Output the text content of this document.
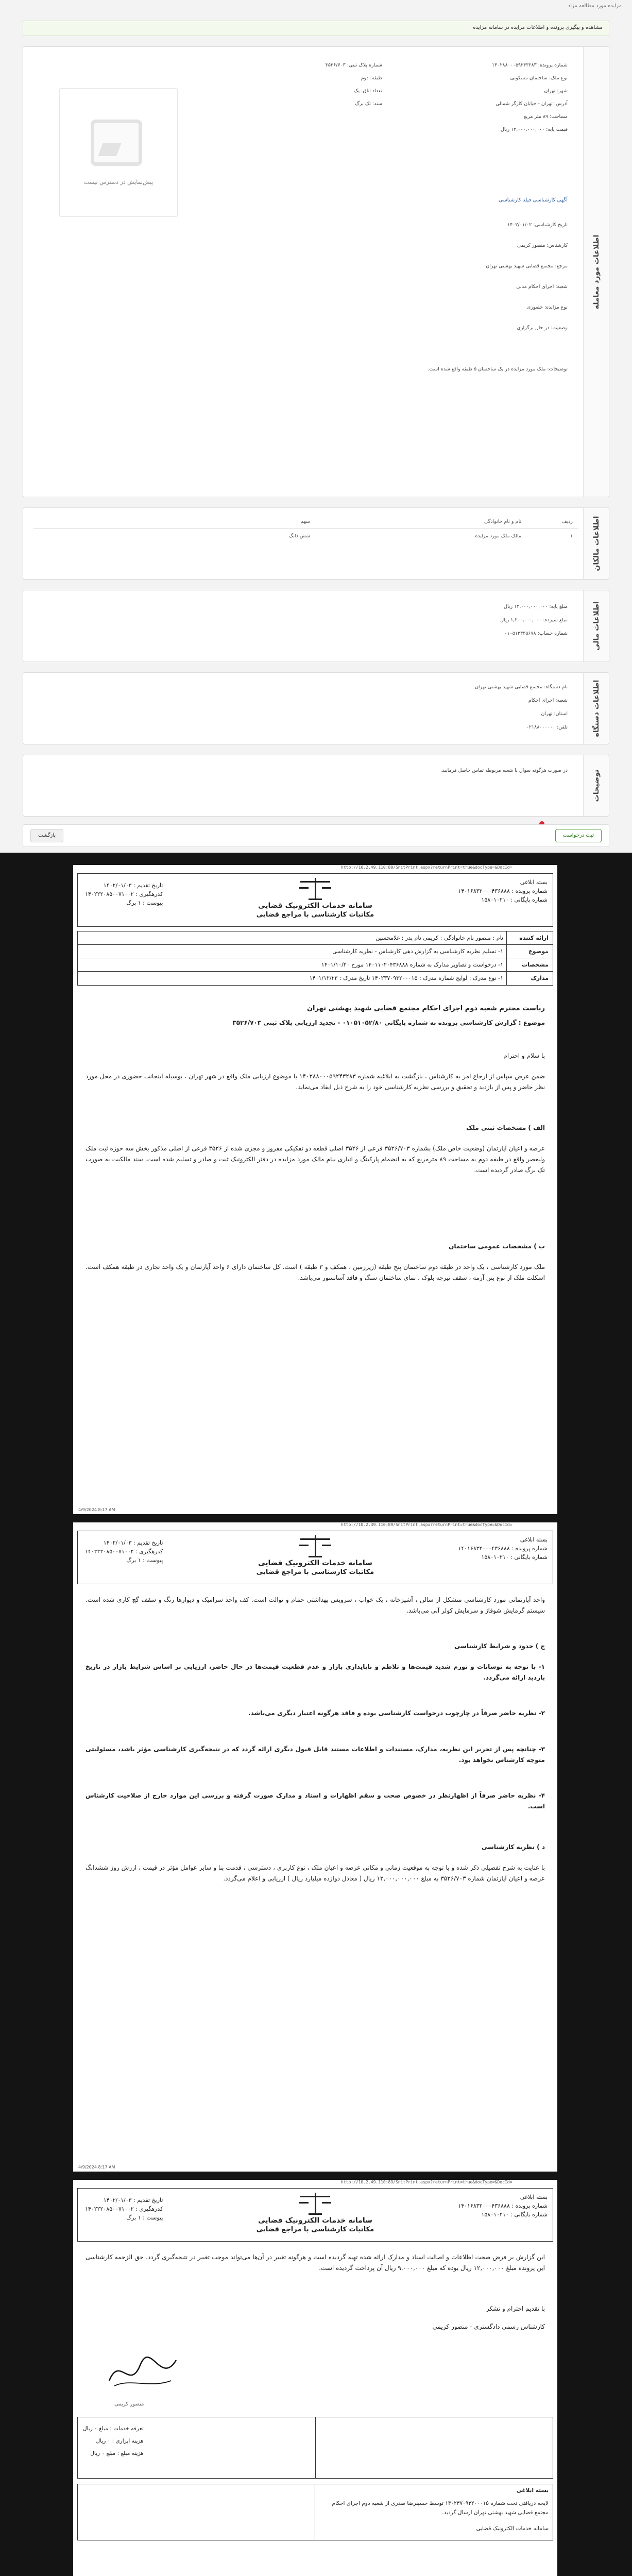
مزایده مورد مطالعه مزاد
مشاهده و پیگیری پرونده و اطلاعات مزایده در سامانه مزایده
اطلاعات مورد معامله
پیش‌نمایش در دسترس نیست
شماره پرونده: ۱۴۰۲۸۸۰۰۰۵۹۲۴۳۲۸۳
نوع ملک: ساختمان مسکونی
شهر: تهران
آدرس: تهران - خیابان کارگر شمالی
مساحت: ۸۹ متر مربع
قیمت پایه: ۱۲,۰۰۰,۰۰۰,۰۰۰ ریال
شماره پلاک ثبتی: ۳۵۲۶/۷۰۳
طبقه: دوم
تعداد اتاق: یک
سند: تک برگ
آگهی کارشناسی فیلد کارشناسی
تاریخ کارشناسی: ۱۴۰۲/۰۱/۰۲
کارشناس: منصور کریمی
مرجع: مجتمع قضایی شهید بهشتی تهران
شعبه: اجرای احکام مدنی
نوع مزایده: حضوری
وضعیت: در حال برگزاری
توضیحات: ملک مورد مزایده در یک ساختمان ۵ طبقه واقع شده است.
اطلاعات مالکان
ردیف
نام و نام خانوادگی
سهم
۱
مالک ملک مورد مزایده
شش دانگ
اطلاعات مالی
مبلغ پایه: ۱۲,۰۰۰,۰۰۰,۰۰۰ ریال
مبلغ سپرده: ۱,۲۰۰,۰۰۰,۰۰۰ ریال
شماره حساب: ۰۱۰۵۱۲۳۴۵۶۷۸
اطلاعات دستگاه
نام دستگاه: مجتمع قضایی شهید بهشتی تهران
شعبه: اجرای احکام
استان: تهران
تلفن: ۰۲۱۸۸۰۰۰۰۰۰
توضیحات
در صورت هرگونه سوال با شعبه مربوطه تماس حاصل فرمایید.
ثبت درخواست
بازگشت
http://10.2.49.110:89/SnitPrint.aspx?returnPrint=true&docType=&DocId=
بسته ابلاغی
شماره پرونده : ۱۴۰۱۶۸۳۲۰۰۰۴۳۶۸۸۸
شماره بایگانی : ۱۵۸۰۱۰۲۱۰
سامانه خدمات الکترونیک قضایی
مکاتبات کارشناسی با مراجع قضایی
تاریخ تقدیم : ۱۴۰۲/۰۱/۰۳
کدرهگیری : ۱۴۰۲۲۲۰۸۵۰۰۷۱۰۰۲
پیوست : ۱ برگ
ارائه کننده
نام : منصور نام خانوادگی : کریمی نام پدر : غلامحسین
موضوع
۱- تسلیم نظریه کارشناسی به گزارش دهی کارشناس - نظریه کارشناسی
مشخصات
۱- درخواست و تصاویر مدارک به شماره ۱۴۰۱۱۰۲۰۴۳۶۸۸۸ مورخ ۱۴۰۱/۱۰/۲۰
مدارک
۱- نوع مدرک : لوایح شماره مدرک : ۱۴۰۲۳۷۰۹۳۲۰۰۰۱۵ تاریخ مدرک : ۱۴۰۱/۱۲/۲۳
ریاست محترم شعبه دوم اجرای احکام مجتمع قضایی شهید بهشتی تهران
موضوع : گزارش کارشناسی پرونده به شماره بایگانی ۰۱۰۵۱۰۵۲/۸۰ - تجدید ارزیابی پلاک ثبتی ۳۵۲۶/۷۰۳
با سلام و احترام
ضمن عرض سپاس از ارجاع امر به کارشناس ، بازگشت به ابلاغیه شماره ۱۴۰۲۸۸۰۰۰۵۹۲۴۳۲۸۳ با موضوع ارزیابی ملک واقع در شهر تهران ، بوسیله اینجانب حضوری در محل مورد نظر حاضر و پس از بازدید و تحقیق و بررسی نظریه کارشناسی خود را به شرح ذیل ایفاد می‌نماید.
الف ) مشخصات ثبتی ملک
عرصه و اعیان آپارتمان (وضعیت خاص ملک) بشماره ۳۵۲۶/۷۰۳ فرعی از ۳۵۲۶ اصلی قطعه دو تفکیکی مفروز و مجزی شده از ۳۵۲۶ فرعی از اصلی مذکور بخش سه حوزه ثبت ملک ولیعصر واقع در طبقه دوم به مساحت ۸۹ مترمربع که به انضمام پارکینگ و انباری بنام مالک مورد مزایده در دفتر الکترونیک ثبت و صادر و تسلیم شده است. سند مالکیت به صورت تک برگ صادر گردیده است.
ب ) مشخصات عمومی ساختمان
ملک مورد کارشناسی ، یک واحد در طبقه دوم ساختمان پنج طبقه (زیرزمین ، همکف و ۳ طبقه ) است. کل ساختمان دارای ۶ واحد آپارتمان و یک واحد تجاری در طبقه همکف است. اسکلت ملک از نوع بتن آرمه ، سقف تیرچه بلوک ، نمای ساختمان سنگ و فاقد آسانسور می‌باشد.
4/9/2024 8:17 AM
http://10.2.49.110:89/SnitPrint.aspx?returnPrint=true&docType=&DocId=
بسته ابلاغی
شماره پرونده : ۱۴۰۱۶۸۳۲۰۰۰۴۳۶۸۸۸
شماره بایگانی : ۱۵۸۰۱۰۲۱۰
سامانه خدمات الکترونیک قضایی
مکاتبات کارشناسی با مراجع قضایی
تاریخ تقدیم : ۱۴۰۲/۰۱/۰۳
کدرهگیری : ۱۴۰۲۲۲۰۸۵۰۰۷۱۰۰۲
پیوست : ۱ برگ
واحد آپارتمانی مورد کارشناسی متشکل از سالن ، آشپزخانه ، یک خواب ، سرویس بهداشتی حمام و توالت است. کف واحد سرامیک و دیوارها رنگ و سقف گچ کاری شده است. سیستم گرمایش شوفاژ و سرمایش کولر آبی می‌باشد.
ج ) حدود و شرایط کارشناسی
۱- با توجه به نوسانات و تورم شدید قیمت‌ها و تلاطم و ناپایداری بازار و عدم قطعیت قیمت‌ها در حال حاضر، ارزیابی بر اساس شرایط بازار در تاریخ بازدید ارائه می‌گردد.
۲- نظریه حاضر صرفاً در چارچوب درخواست کارشناسی بوده و فاقد هرگونه اعتبار دیگری می‌باشد.
۳- چنانچه پس از تحریر این نظریه، مدارک، مستندات و اطلاعات مستند قابل قبول دیگری ارائه گردد که در نتیجه‌گیری کارشناسی مؤثر باشد، مسئولیتی متوجه کارشناس نخواهد بود.
۴- نظریه حاضر صرفاً از اظهارنظر در خصوص صحت و سقم اظهارات و اسناد و مدارک صورت گرفته و بررسی این موارد خارج از صلاحیت کارشناس است.
د ) نظریه کارشناسی
با عنایت به شرح تفصیلی ذکر شده و با توجه به موقعیت زمانی و مکانی عرصه و اعیان ملک ، نوع کاربری ، دسترسی ، قدمت بنا و سایر عوامل مؤثر در قیمت ، ارزش روز ششدانگ عرصه و اعیان آپارتمان شماره ۳۵۲۶/۷۰۳ به مبلغ ۱۲,۰۰۰,۰۰۰,۰۰۰ ریال ( معادل دوازده میلیارد ریال ) ارزیابی و اعلام می‌گردد.
4/9/2024 8:17 AM
http://10.2.49.110:89/SnitPrint.aspx?returnPrint=true&docType=&DocId=
بسته ابلاغی
شماره پرونده : ۱۴۰۱۶۸۳۲۰۰۰۴۳۶۸۸۸
شماره بایگانی : ۱۵۸۰۱۰۲۱۰
سامانه خدمات الکترونیک قضایی
مکاتبات کارشناسی با مراجع قضایی
تاریخ تقدیم : ۱۴۰۲/۰۱/۰۳
کدرهگیری : ۱۴۰۲۲۲۰۸۵۰۰۷۱۰۰۲
پیوست : ۱ برگ
این گزارش بر فرض صحت اطلاعات و اصالت اسناد و مدارک ارائه شده تهیه گردیده است و هرگونه تغییر در آن‌ها می‌تواند موجب تغییر در نتیجه‌گیری گردد. حق الزحمه کارشناسی این پرونده مبلغ ۱۲,۰۰۰,۰۰۰ ریال بوده که مبلغ ۹,۰۰۰,۰۰۰ ریال آن پرداخت گردیده است.
با تقدیم احترام و تشکر
کارشناس رسمی دادگستری - منصور کریمی
منصور کریمی
تعرفه خدمات : مبلغ ۰ ریال
هزینه ابزاری : ۰ ریال
هزینه مبلغ : مبلغ ۰ ریال
بسته ابلاغی
لایحه دریافتی تحت شماره ۱۴۰۲۳۷۰۹۳۲۰۰۰۱۵ توسط حسینرضا صدری از شعبه دوم اجرای احکام مجتمع قضایی شهید بهشتی تهران ارسال گردید.
سامانه خدمات الکترونیک قضایی
